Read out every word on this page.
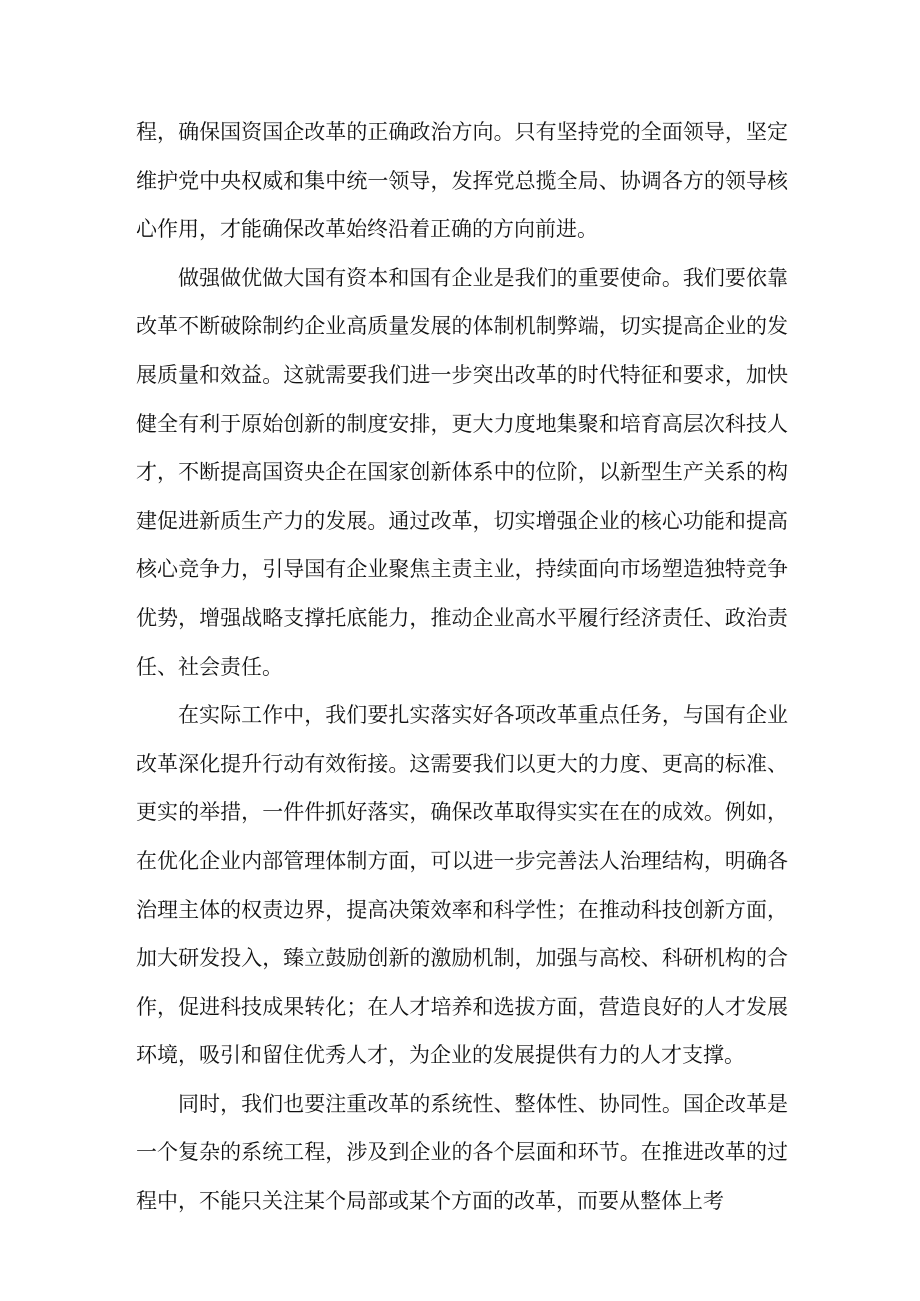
程，确保国资国企改革的正确政治方向。只有坚持党的全面领导，坚定维护党中央权威和集中统一领导，发挥党总揽全局、协调各方的领导核心作用，才能确保改革始终沿着正确的方向前进。

做强做优做大国有资本和国有企业是我们的重要使命。我们要依靠改革不断破除制约企业高质量发展的体制机制弊端，切实提高企业的发展质量和效益。这就需要我们进一步突出改革的时代特征和要求，加快健全有利于原始创新的制度安排，更大力度地集聚和培育高层次科技人才，不断提高国资央企在国家创新体系中的位阶，以新型生产关系的构建促进新质生产力的发展。通过改革，切实增强企业的核心功能和提高核心竞争力，引导国有企业聚焦主责主业，持续面向市场塑造独特竞争优势，增强战略支撑托底能力，推动企业高水平履行经济责任、政治责任、社会责任。

在实际工作中，我们要扎实落实好各项改革重点任务，与国有企业改革深化提升行动有效衔接。这需要我们以更大的力度、更高的标准、更实的举措，一件件抓好落实，确保改革取得实实在在的成效。例如，在优化企业内部管理体制方面，可以进一步完善法人治理结构，明确各治理主体的权责边界，提高决策效率和科学性；在推动科技创新方面，加大研发投入，臻立鼓励创新的激励机制，加强与高校、科研机构的合作，促进科技成果转化；在人才培养和选拔方面，营造良好的人才发展环境，吸引和留住优秀人才，为企业的发展提供有力的人才支撑。

同时，我们也要注重改革的系统性、整体性、协同性。国企改革是一个复杂的系统工程，涉及到企业的各个层面和环节。在推进改革的过程中，不能只关注某个局部或某个方面的改革，而要从整体上考
